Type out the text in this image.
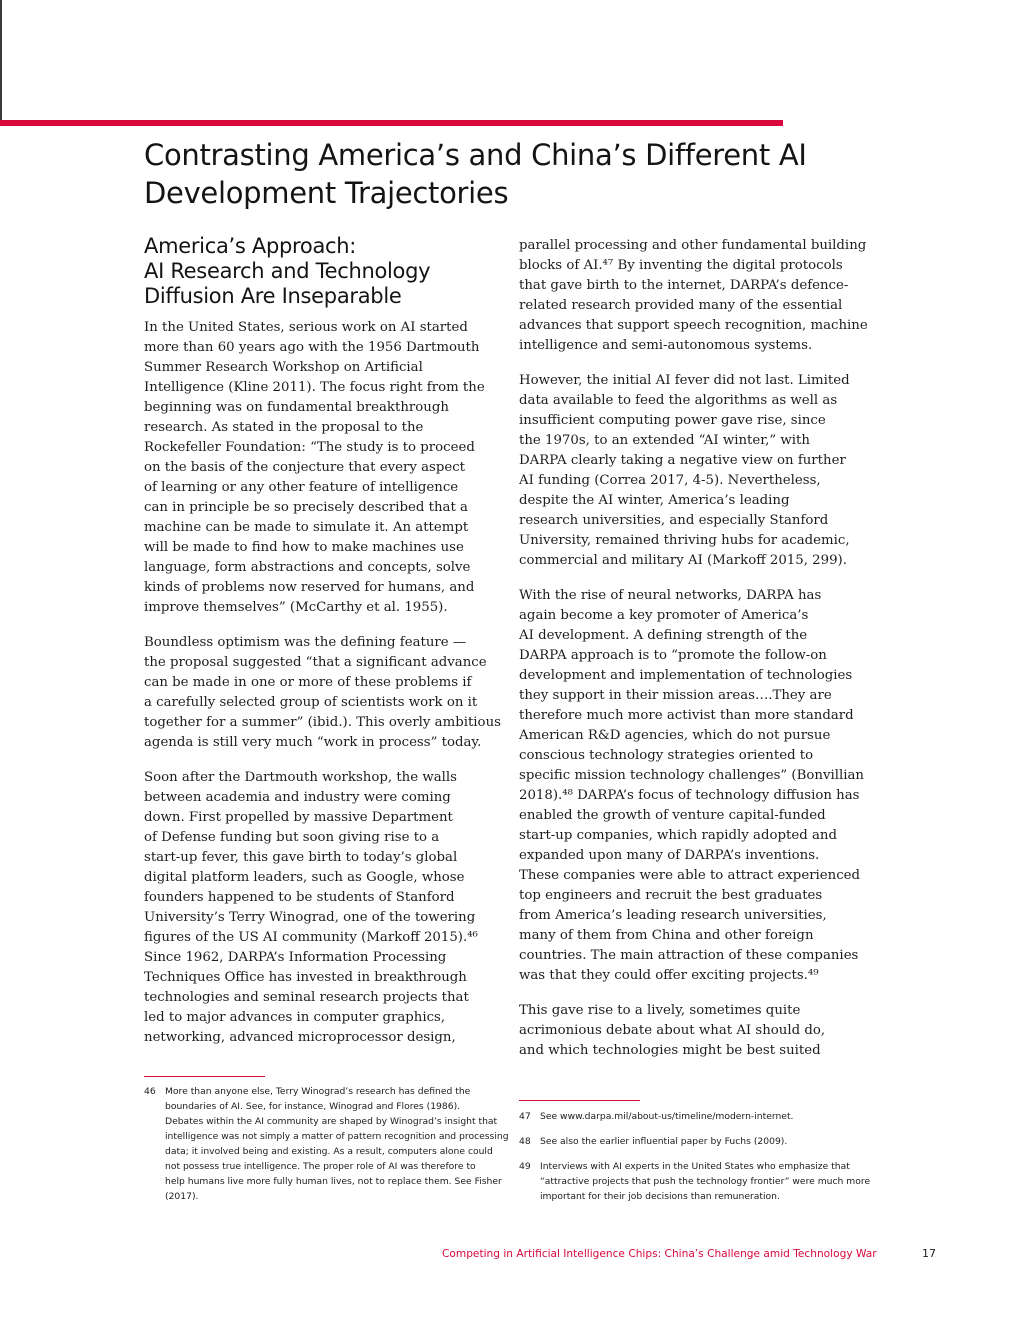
Contrasting America’s and China’s Different AI
Development Trajectories
America’s Approach:
AI Research and Technology
Diffusion Are Inseparable

In the United States, serious work on AI started
more than 60 years ago with the 1956 Dartmouth
Summer Research Workshop on Artificial
Intelligence (Kline 2011). The focus right from the
beginning was on fundamental breakthrough
research. As stated in the proposal to the
Rockefeller Foundation: “The study is to proceed
on the basis of the conjecture that every aspect
of learning or any other feature of intelligence
can in principle be so precisely described that a
machine can be made to simulate it. An attempt
will be made to find how to make machines use
language, form abstractions and concepts, solve
kinds of problems now reserved for humans, and
improve themselves” (McCarthy et al. 1955).

Boundless optimism was the defining feature —
the proposal suggested “that a significant advance
can be made in one or more of these problems if
a carefully selected group of scientists work on it
together for a summer” (ibid.). This overly ambitious
agenda is still very much “work in process” today.

Soon after the Dartmouth workshop, the walls
between academia and industry were coming
down. First propelled by massive Department
of Defense funding but soon giving rise to a
start-up fever, this gave birth to today’s global
digital platform leaders, such as Google, whose
founders happened to be students of Stanford
University’s Terry Winograd, one of the towering
figures of the US AI community (Markoff 2015).⁴⁶
Since 1962, DARPA’s Information Processing
Techniques Office has invested in breakthrough
technologies and seminal research projects that
led to major advances in computer graphics,
networking, advanced microprocessor design,

parallel processing and other fundamental building
blocks of AI.⁴⁷ By inventing the digital protocols
that gave birth to the internet, DARPA’s defence-
related research provided many of the essential
advances that support speech recognition, machine
intelligence and semi-autonomous systems.

However, the initial AI fever did not last. Limited
data available to feed the algorithms as well as
insufficient computing power gave rise, since
the 1970s, to an extended “AI winter,” with
DARPA clearly taking a negative view on further
AI funding (Correa 2017, 4-5). Nevertheless,
despite the AI winter, America’s leading
research universities, and especially Stanford
University, remained thriving hubs for academic,
commercial and military AI (Markoff 2015, 299).

With the rise of neural networks, DARPA has
again become a key promoter of America’s
AI development. A defining strength of the
DARPA approach is to “promote the follow-on
development and implementation of technologies
they support in their mission areas….They are
therefore much more activist than more standard
American R&D agencies, which do not pursue
conscious technology strategies oriented to
specific mission technology challenges” (Bonvillian
2018).⁴⁸ DARPA’s focus of technology diffusion has
enabled the growth of venture capital-funded
start-up companies, which rapidly adopted and
expanded upon many of DARPA’s inventions.
These companies were able to attract experienced
top engineers and recruit the best graduates
from America’s leading research universities,
many of them from China and other foreign
countries. The main attraction of these companies
was that they could offer exciting projects.⁴⁹

This gave rise to a lively, sometimes quite
acrimonious debate about what AI should do,
and which technologies might be best suited

46 More than anyone else, Terry Winograd’s research has defined the
boundaries of AI. See, for instance, Winograd and Flores (1986).
Debates within the AI community are shaped by Winograd’s insight that
intelligence was not simply a matter of pattern recognition and processing
data; it involved being and existing. As a result, computers alone could
not possess true intelligence. The proper role of AI was therefore to
help humans live more fully human lives, not to replace them. See Fisher
(2017).
47 See www.darpa.mil/about-us/timeline/modern-internet.
48 See also the earlier influential paper by Fuchs (2009).
49 Interviews with AI experts in the United States who emphasize that
“attractive projects that push the technology frontier” were much more
important for their job decisions than remuneration.
Competing in Artificial Intelligence Chips: China’s Challenge amid Technology War	17
